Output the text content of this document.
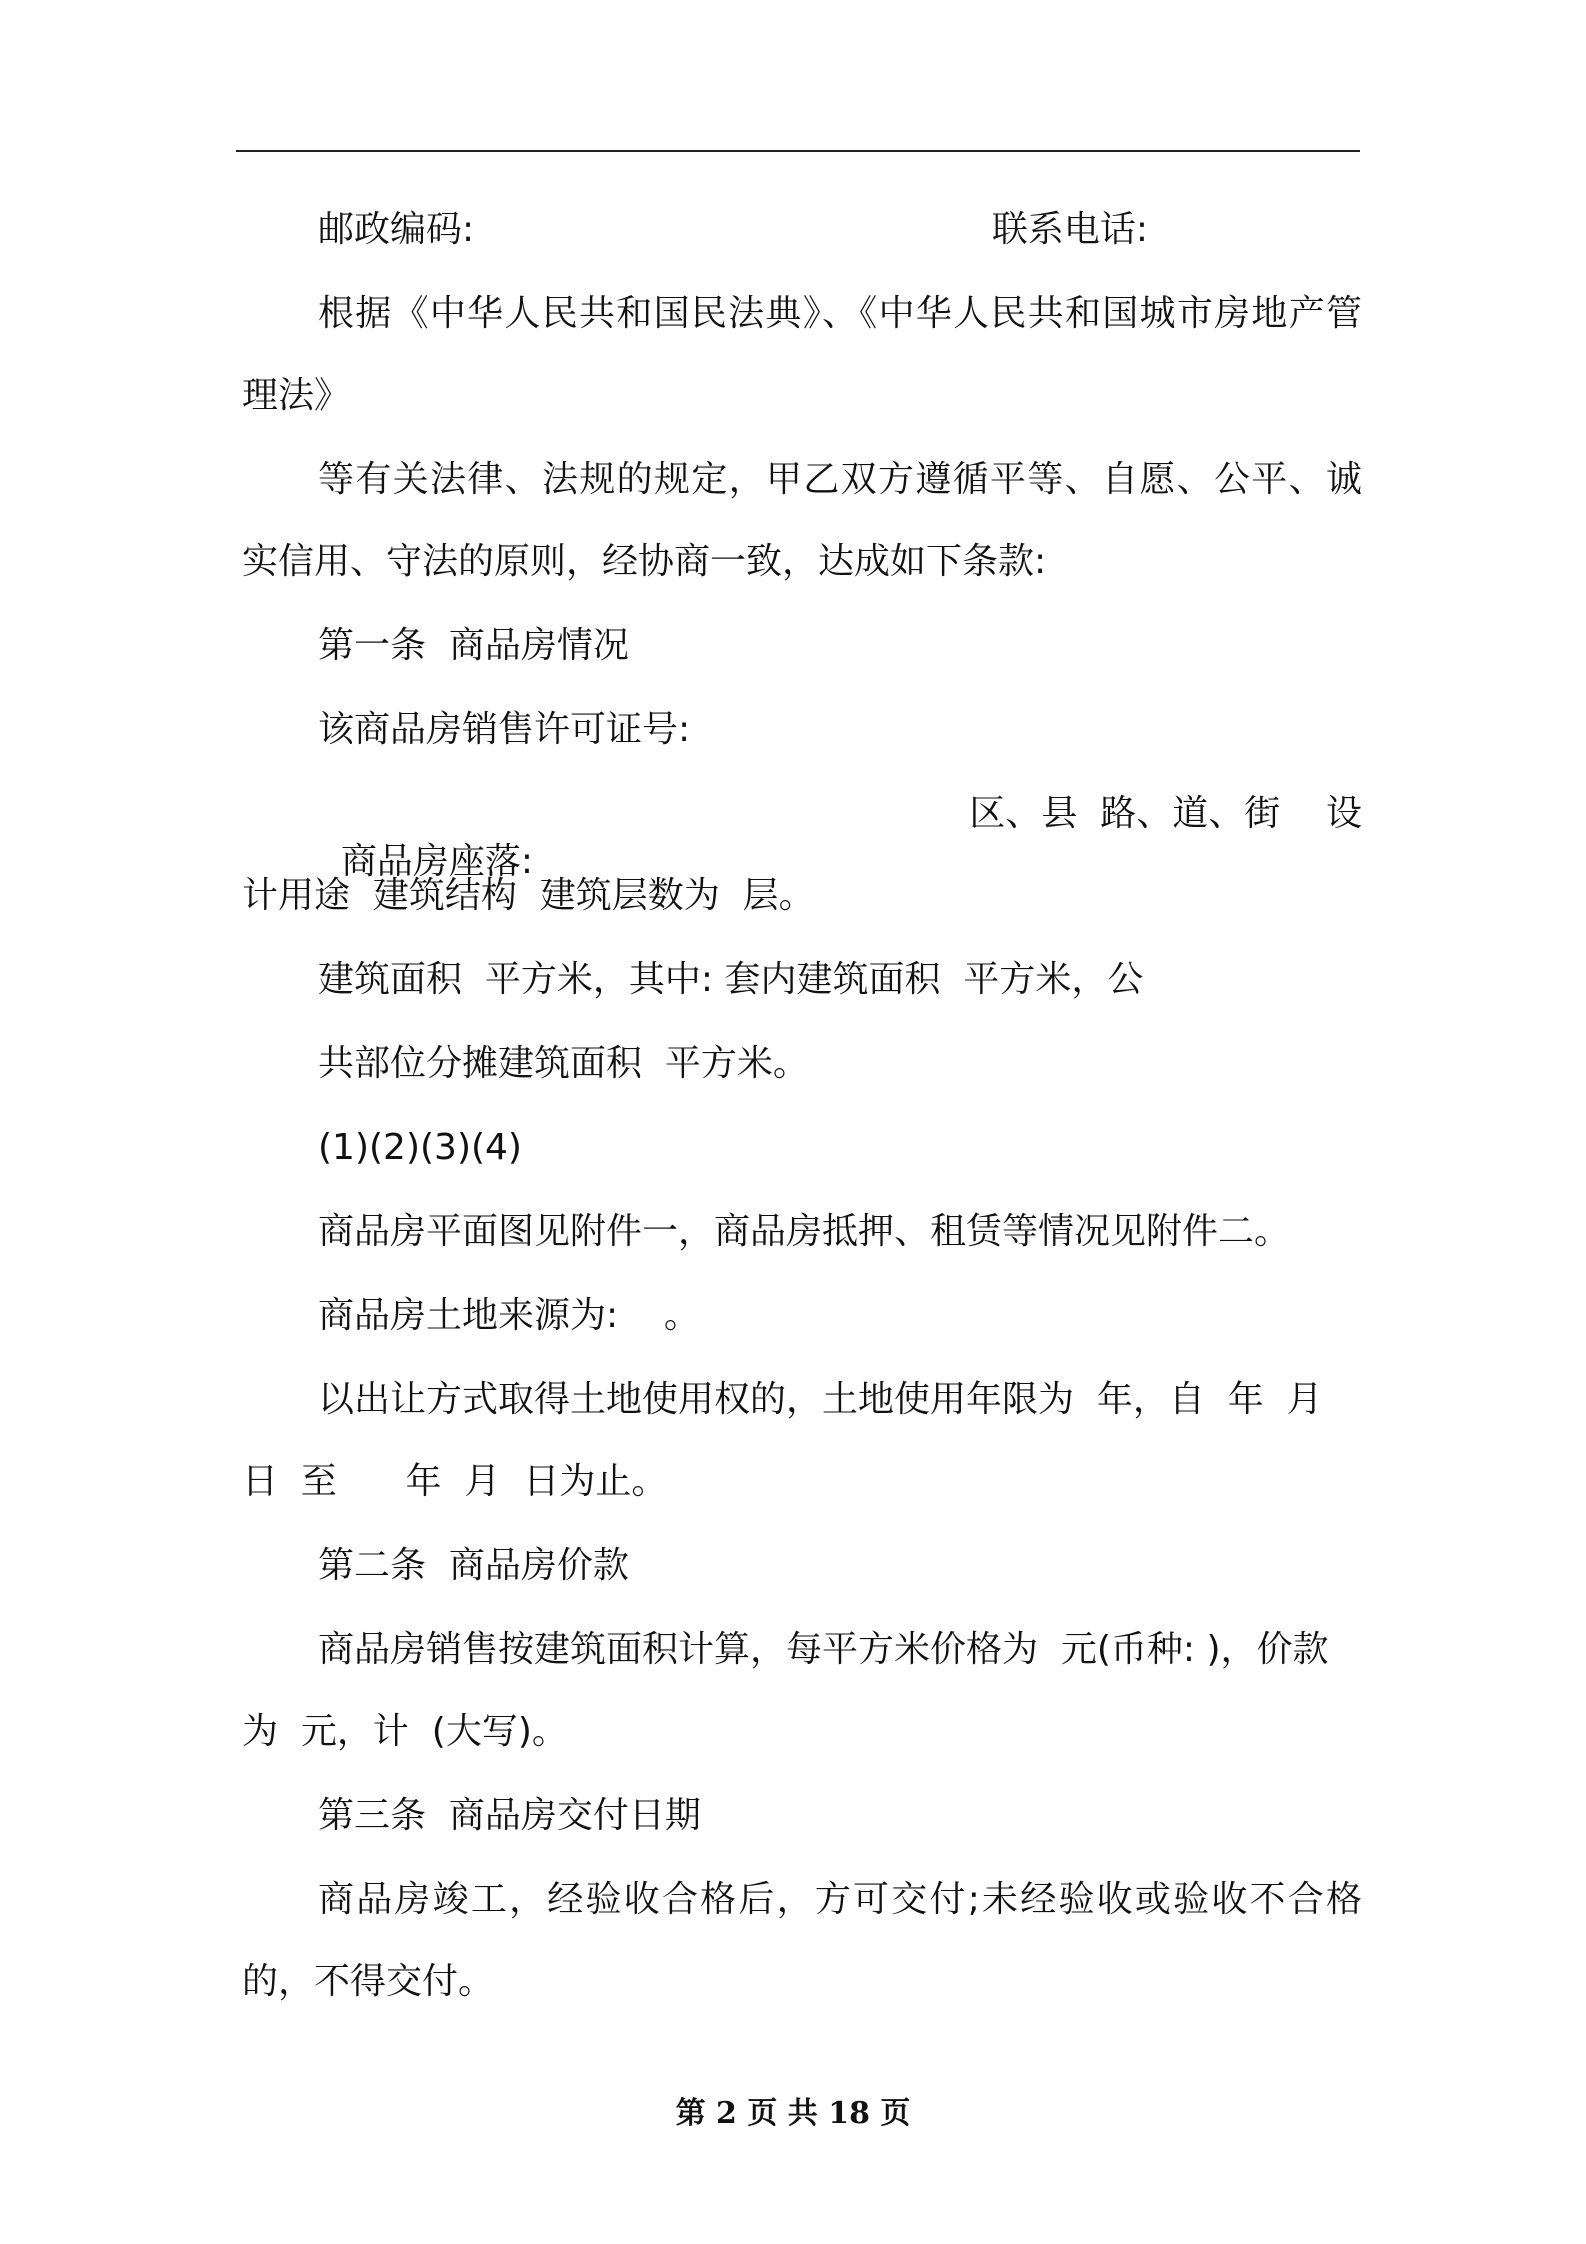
邮政编码:	联系电话:

根据《中华人民共和国民法典》、《中华人民共和国城市房地产管

理法》

等有关法律、法规的规定，甲乙双方遵循平等、自愿、公平、诚

实信用、守法的原则，经协商一致，达成如下条款:

第一条  商品房情况

该商品房销售许可证号:

商品房座落:

区、县  路、道、街    设

计用途  建筑结构  建筑层数为  层。

建筑面积  平方米，其中: 套内建筑面积  平方米，公

共部位分摊建筑面积  平方米。

(1)(2)(3)(4)

商品房平面图见附件一，商品房抵押、租赁等情况见附件二。

商品房土地来源为:    。

以出让方式取得土地使用权的，土地使用年限为  年，自  年  月

日  至      年  月  日为止。

第二条  商品房价款

商品房销售按建筑面积计算，每平方米价格为  元(币种: )，价款

为  元，计  (大写)。

第三条  商品房交付日期

商品房竣工，经验收合格后，方可交付;未经验收或验收不合格

的，不得交付。

第 2 页 共 18 页
